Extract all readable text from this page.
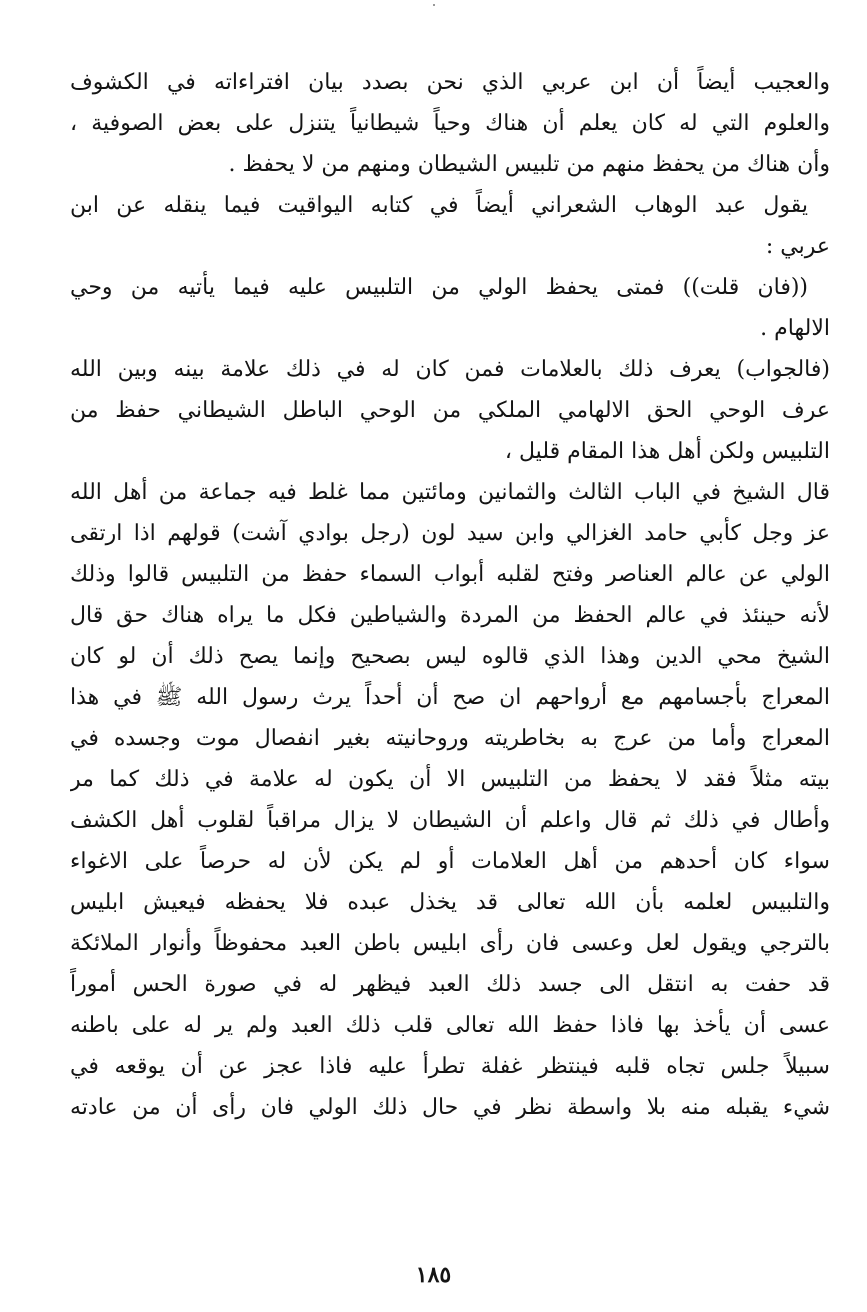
والعجيب أيضاً أن ابن عربي الذي نحن بصدد بيان افتراءاته في الكشوف
والعلوم التي له كان يعلم أن هناك وحياً شيطانياً يتنزل على بعض الصوفية ،
وأن هناك من يحفظ منهم من تلبيس الشيطان ومنهم من لا يحفظ .
يقول عبد الوهاب الشعراني أيضاً في كتابه اليواقيت فيما ينقله عن ابن
عربي :
((فان قلت)) فمتى يحفظ الولي من التلبيس عليه فيما يأتيه من وحي
الالهام .
(فالجواب) يعرف ذلك بالعلامات فمن كان له في ذلك علامة بينه وبين الله
عرف الوحي الحق الالهامي الملكي من الوحي الباطل الشيطاني حفظ من
التلبيس ولكن أهل هذا المقام قليل ،
قال الشيخ في الباب الثالث والثمانين ومائتين مما غلط فيه جماعة من أهل الله
عز وجل كأبي حامد الغزالي وابن سيد لون (رجل بوادي آشت) قولهم اذا ارتقى
الولي عن عالم العناصر وفتح لقلبه أبواب السماء حفظ من التلبيس قالوا وذلك
لأنه حينئذ في عالم الحفظ من المردة والشياطين فكل ما يراه هناك حق قال
الشيخ محي الدين وهذا الذي قالوه ليس بصحيح وإنما يصح ذلك أن لو كان
المعراج بأجسامهم مع أرواحهم ان صح أن أحداً يرث رسول الله ﷺ في هذا
المعراج وأما من عرج به بخاطريته وروحانيته بغير انفصال موت وجسده في
بيته مثلاً فقد لا يحفظ من التلبيس الا أن يكون له علامة في ذلك كما مر
وأطال في ذلك ثم قال واعلم أن الشيطان لا يزال مراقباً لقلوب أهل الكشف
سواء كان أحدهم من أهل العلامات أو لم يكن لأن له حرصاً على الاغواء
والتلبيس لعلمه بأن الله تعالى قد يخذل عبده فلا يحفظه فيعيش ابليس
بالترجي ويقول لعل وعسى فان رأى ابليس باطن العبد محفوظاً وأنوار الملائكة
قد حفت به انتقل الى جسد ذلك العبد فيظهر له في صورة الحس أموراً
عسى أن يأخذ بها فاذا حفظ الله تعالى قلب ذلك العبد ولم ير له على باطنه
سبيلاً جلس تجاه قلبه فينتظر غفلة تطرأ عليه فاذا عجز عن أن يوقعه في
شيء يقبله منه بلا واسطة نظر في حال ذلك الولي فان رأى أن من عادته
١٨٥
